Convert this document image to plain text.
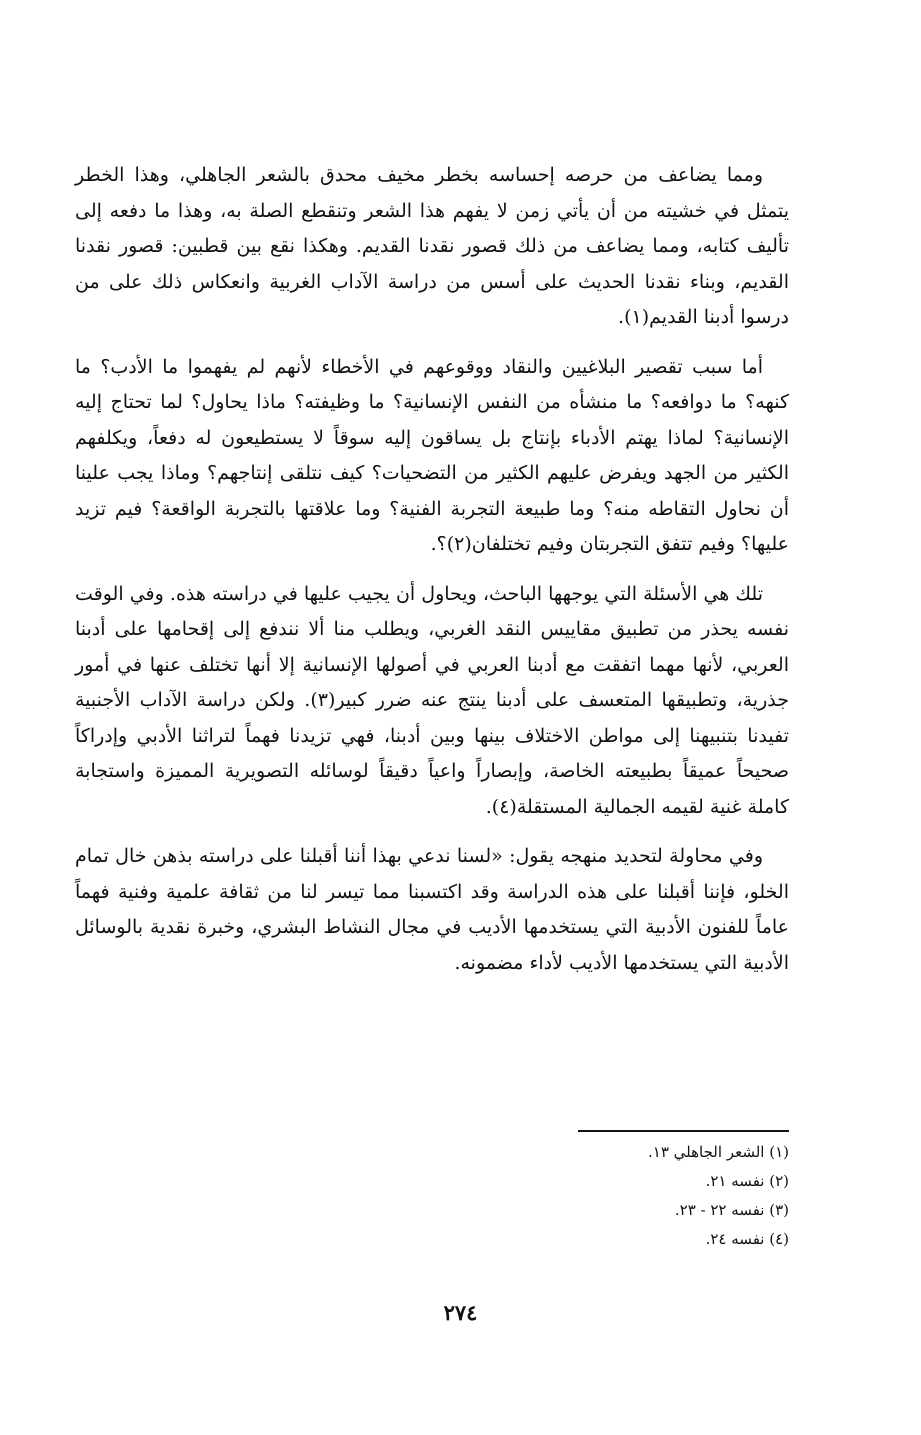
ومما يضاعف من حرصه إحساسه بخطر مخيف محدق بالشعر الجاهلي، وهذا الخطر يتمثل في خشيته من أن يأتي زمن لا يفهم هذا الشعر وتنقطع الصلة به، وهذا ما دفعه إلى تأليف كتابه، ومما يضاعف من ذلك قصور نقدنا القديم. وهكذا نقع بين قطبين: قصور نقدنا القديم، وبناء نقدنا الحديث على أسس من دراسة الآداب الغربية وانعكاس ذلك على من درسوا أدبنا القديم(١).

أما سبب تقصير البلاغيين والنقاد ووقوعهم في الأخطاء لأنهم لم يفهموا ما الأدب؟ ما كنهه؟ ما دوافعه؟ ما منشأه من النفس الإنسانية؟ ما وظيفته؟ ماذا يحاول؟ لما تحتاج إليه الإنسانية؟ لماذا يهتم الأدباء بإنتاج بل يساقون إليه سوقاً لا يستطيعون له دفعاً، ويكلفهم الكثير من الجهد ويفرض عليهم الكثير من التضحيات؟ كيف نتلقى إنتاجهم؟ وماذا يجب علينا أن نحاول التقاطه منه؟ وما طبيعة التجربة الفنية؟ وما علاقتها بالتجربة الواقعة؟ فيم تزيد عليها؟ وفيم تتفق التجربتان وفيم تختلفان(٢)؟.

تلك هي الأسئلة التي يوجهها الباحث، ويحاول أن يجيب عليها في دراسته هذه. وفي الوقت نفسه يحذر من تطبيق مقاييس النقد الغربي، ويطلب منا ألا نندفع إلى إقحامها على أدبنا العربي، لأنها مهما اتفقت مع أدبنا العربي في أصولها الإنسانية إلا أنها تختلف عنها في أمور جذرية، وتطبيقها المتعسف على أدبنا ينتج عنه ضرر كبير(٣). ولكن دراسة الآداب الأجنبية تفيدنا بتنبيهنا إلى مواطن الاختلاف بينها وبين أدبنا، فهي تزيدنا فهماً لتراثنا الأدبي وإدراكاً صحيحاً عميقاً بطبيعته الخاصة، وإبصاراً واعياً دقيقاً لوسائله التصويرية المميزة واستجابة كاملة غنية لقيمه الجمالية المستقلة(٤).

وفي محاولة لتحديد منهجه يقول: «لسنا ندعي بهذا أننا أقبلنا على دراسته بذهن خال تمام الخلو، فإننا أقبلنا على هذه الدراسة وقد اكتسبنا مما تيسر لنا من ثقافة علمية وفنية فهماً عاماً للفنون الأدبية التي يستخدمها الأديب في مجال النشاط البشري، وخبرة نقدية بالوسائل الأدبية التي يستخدمها الأديب لأداء مضمونه.

(١) الشعر الجاهلي ١٣.

(٢) نفسه ٢١.

(٣) نفسه ٢٢ - ٢٣.

(٤) نفسه ٢٤.

٢٧٤
